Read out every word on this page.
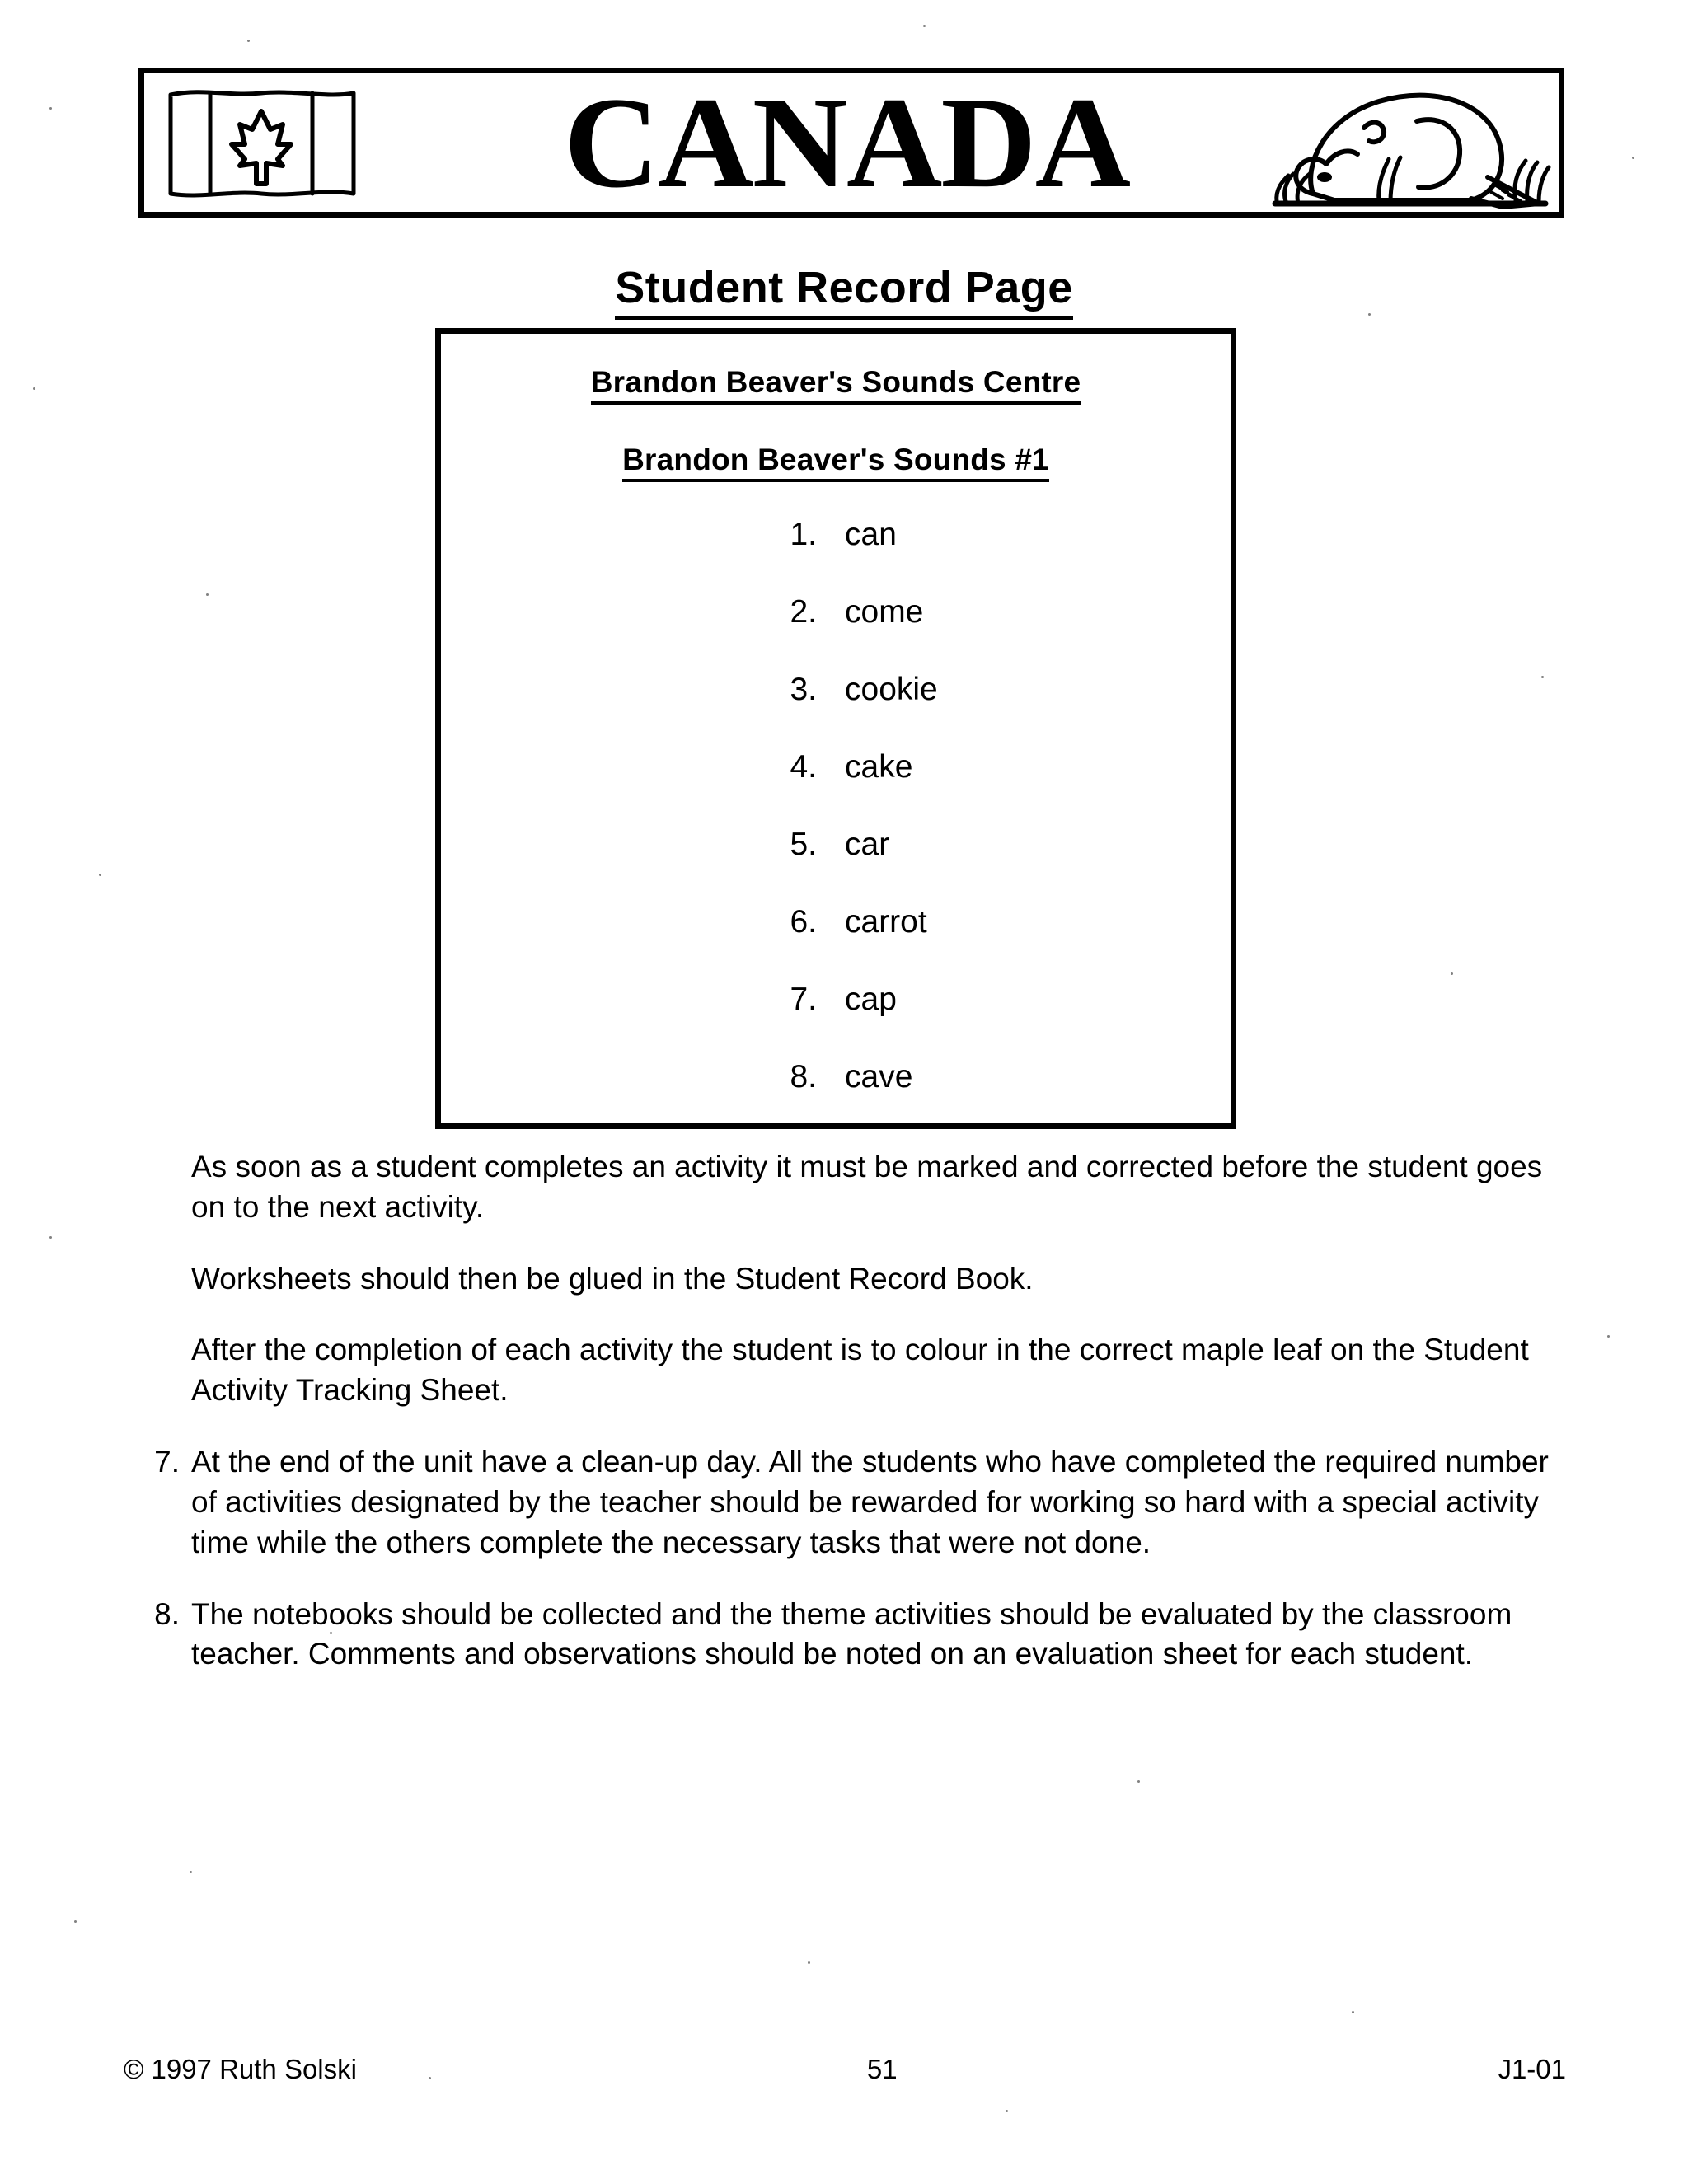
CANADA
Student Record Page
Brandon Beaver's Sounds Centre
Brandon Beaver's Sounds #1
1. can
2. come
3. cookie
4. cake
5. car
6. carrot
7. cap
8. cave

As soon as a student completes an activity it must be marked and corrected before the student goes on to the next activity.

Worksheets should then be glued in the Student Record Book.

After the completion of each activity the student is to colour in the correct maple leaf on the Student Activity Tracking Sheet.

7. At the end of the unit have a clean-up day. All the students who have completed the required number of activities designated by the teacher should be rewarded for working so hard with a special activity time while the others complete the necessary tasks that were not done.
8. The notebooks should be collected and the theme activities should be evaluated by the classroom teacher. Comments and observations should be noted on an evaluation sheet for each student.
© 1997 Ruth Solski	51	J1-01
